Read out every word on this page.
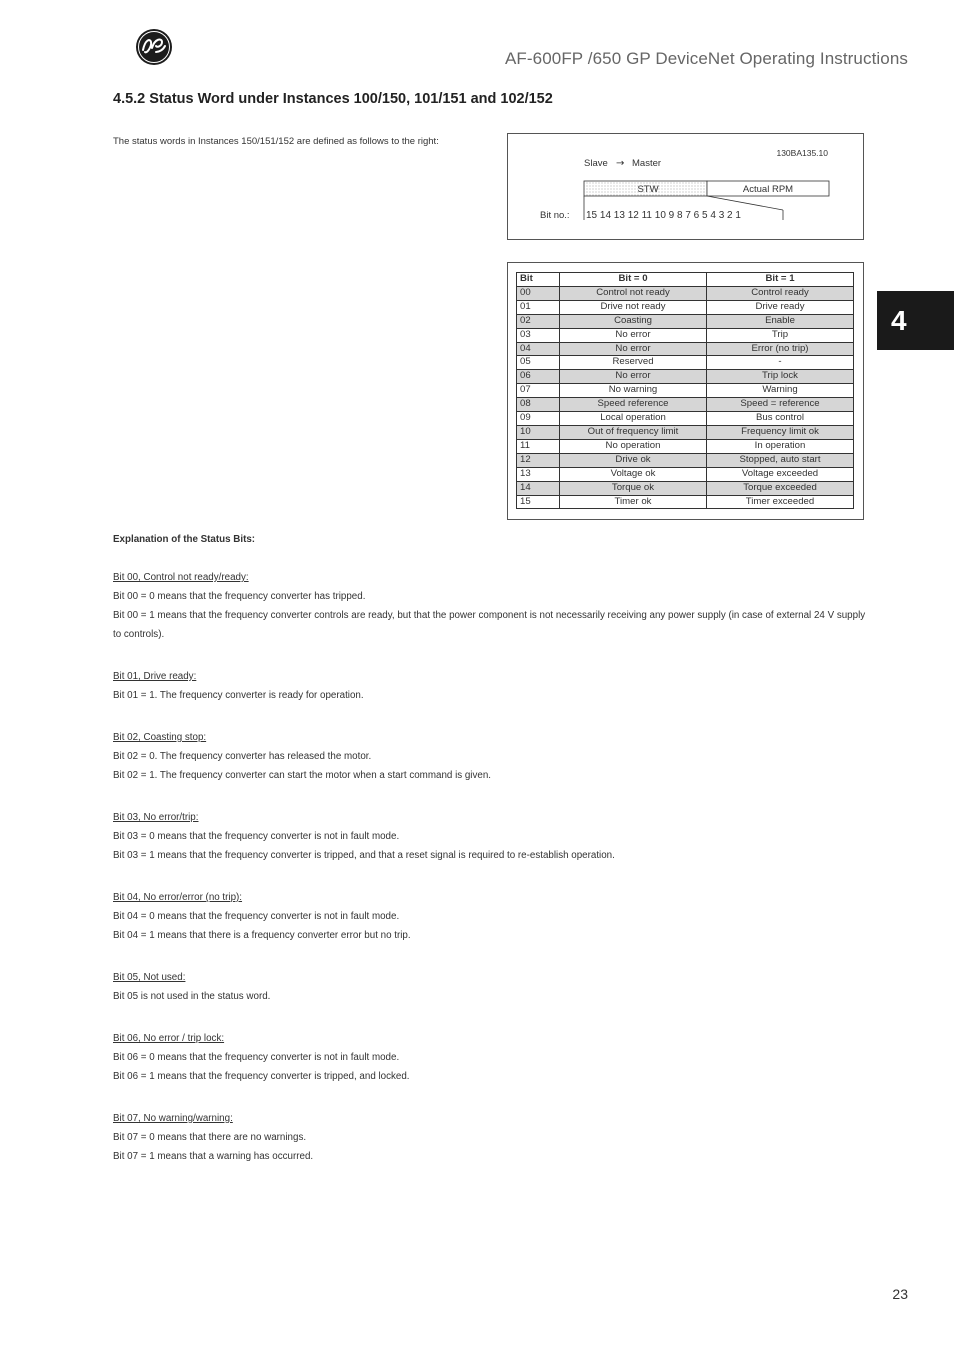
AF-600FP /650 GP DeviceNet Operating Instructions
4.5.2 Status Word under Instances 100/150, 101/151 and 102/152
The status words in Instances 150/151/152 are defined as follows to the right:
130BA135.10
Slave → Master
STW	Actual RPM
Bit no.: 15 14 13 12 11 10 9 8 7 6 5 4 3 2 1
Bit	Bit = 0	Bit = 1
00	Control not ready	Control ready
01	Drive not ready	Drive ready
02	Coasting	Enable
03	No error	Trip
04	No error	Error (no trip)
05	Reserved	-
06	No error	Trip lock
07	No warning	Warning
08	Speed reference	Speed = reference
09	Local operation	Bus control
10	Out of frequency limit	Frequency limit ok
11	No operation	In operation
12	Drive ok	Stopped, auto start
13	Voltage ok	Voltage exceeded
14	Torque ok	Torque exceeded
15	Timer ok	Timer exceeded
4
Explanation of the Status Bits:
Bit 00, Control not ready/ready:
Bit 00 = 0 means that the frequency converter has tripped.
Bit 00 = 1 means that the frequency converter controls are ready, but that the power component is not necessarily receiving any power supply (in case of external 24 V supply to controls).
Bit 01, Drive ready:
Bit 01 = 1. The frequency converter is ready for operation.
Bit 02, Coasting stop:
Bit 02 = 0. The frequency converter has released the motor.
Bit 02 = 1. The frequency converter can start the motor when a start command is given.
Bit 03, No error/trip:
Bit 03 = 0 means that the frequency converter is not in fault mode.
Bit 03 = 1 means that the frequency converter is tripped, and that a reset signal is required to re-establish operation.
Bit 04, No error/error (no trip):
Bit 04 = 0 means that the frequency converter is not in fault mode.
Bit 04 = 1 means that there is a frequency converter error but no trip.
Bit 05, Not used:
Bit 05 is not used in the status word.
Bit 06, No error / trip lock:
Bit 06 = 0 means that the frequency converter is not in fault mode.
Bit 06 = 1 means that the frequency converter is tripped, and locked.
Bit 07, No warning/warning:
Bit 07 = 0 means that there are no warnings.
Bit 07 = 1 means that a warning has occurred.
23
